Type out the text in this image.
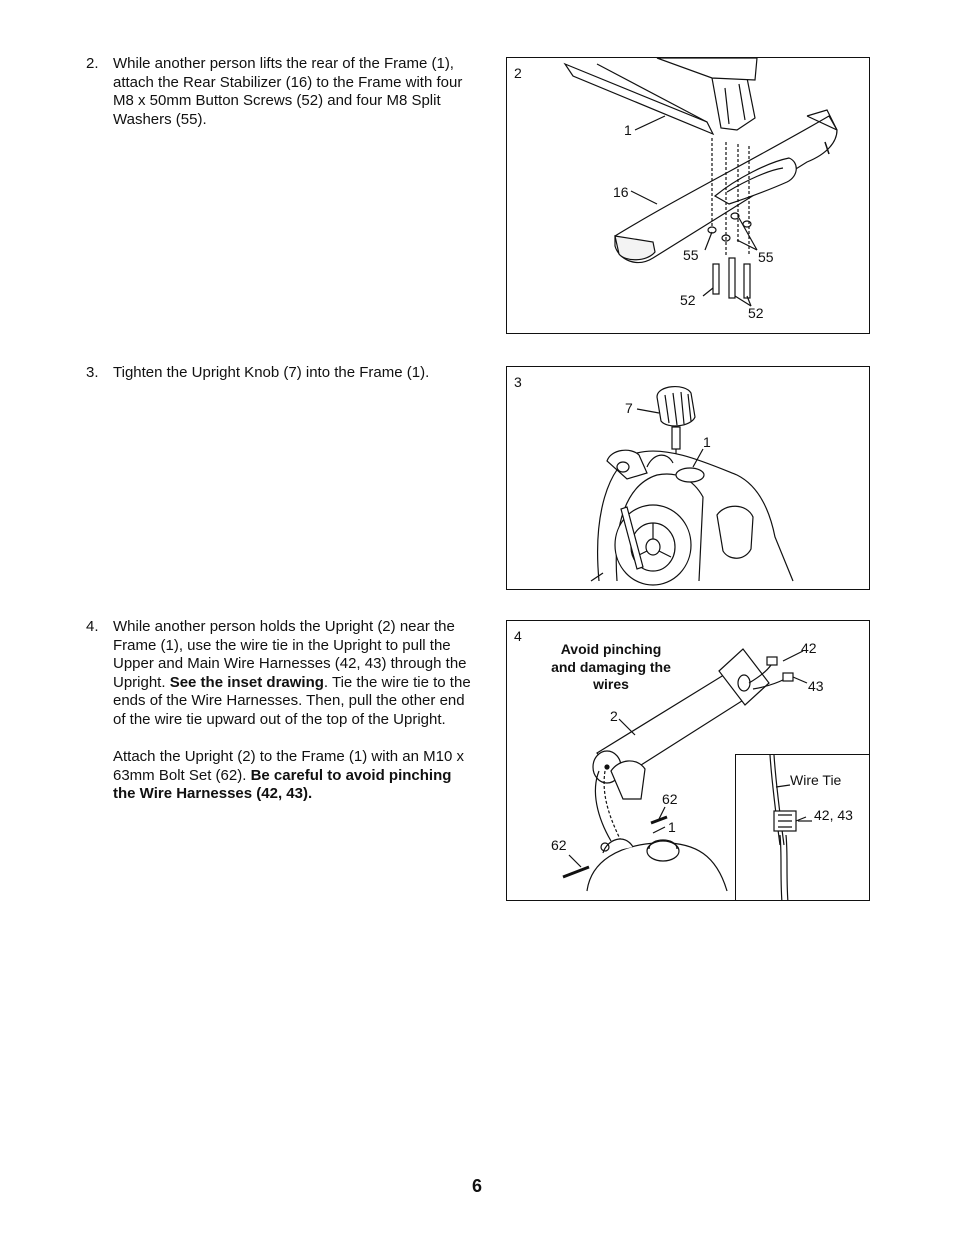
2. While another person lifts the rear of the Frame (1), attach the Rear Stabilizer (16) to the Frame with four M8 x 50mm Button Screws (52) and four M8 Split Washers (55).

3. Tighten the Upright Knob (7) into the Frame (1).

4. While another person holds the Upright (2) near the Frame (1), use the wire tie in the Upright to pull the Upper and Main Wire Harnesses (42, 43) through the Upright. See the inset drawing. Tie the wire tie to the ends of the Wire Harnesses. Then, pull the other end of the wire tie upward out of the top of the Upright.

Attach the Upright (2) to the Frame (1) with an M10 x 63mm Bolt Set (62). Be careful to avoid pinching the Wire Harnesses (42, 43).

2
1
16
55	55
52
52
3
7
1
4
Avoid pinching and damaging the wires
42
43
2
62
1
62
Wire Tie
42, 43
6
